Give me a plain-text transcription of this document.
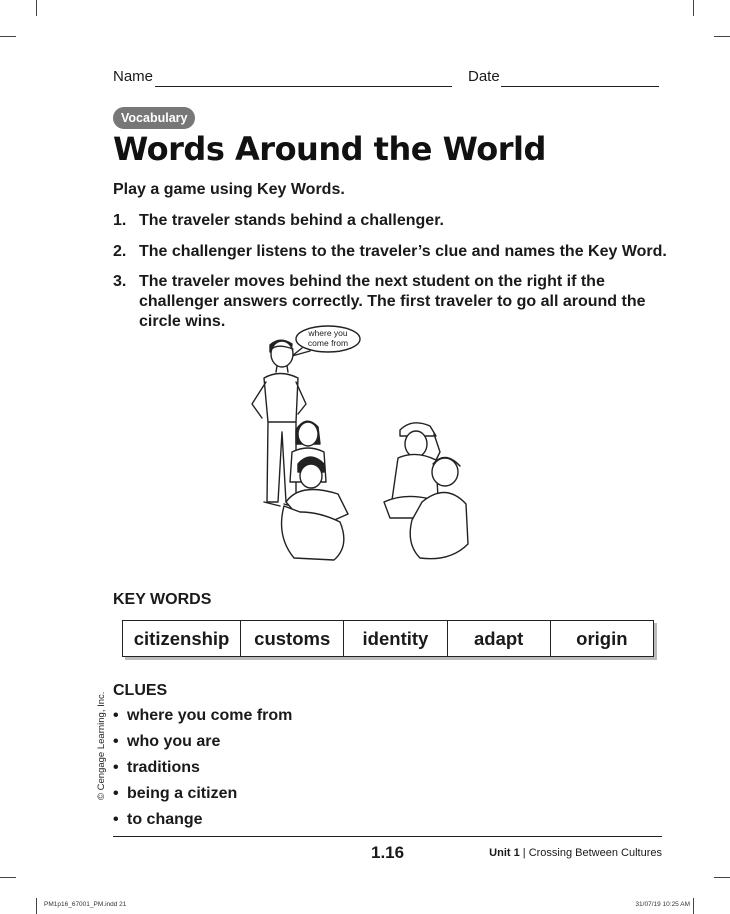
Name	Date
Vocabulary
Words Around the World
Play a game using Key Words.
1. The traveler stands behind a challenger.
2. The challenger listens to the traveler’s clue and names the Key Word.
3. The traveler moves behind the next student on the right if the challenger answers correctly. The first traveler to go all around the circle wins.
where you
come from
KEY WORDS
citizenship	customs	identity	adapt	origin
CLUES
• where you come from
• who you are
• traditions
• being a citizen
• to change
© Cengage Learning, Inc.
1.16	Unit 1 | Crossing Between Cultures
PM1p16_67001_PM.indd 21	31/07/19 10:25 AM
